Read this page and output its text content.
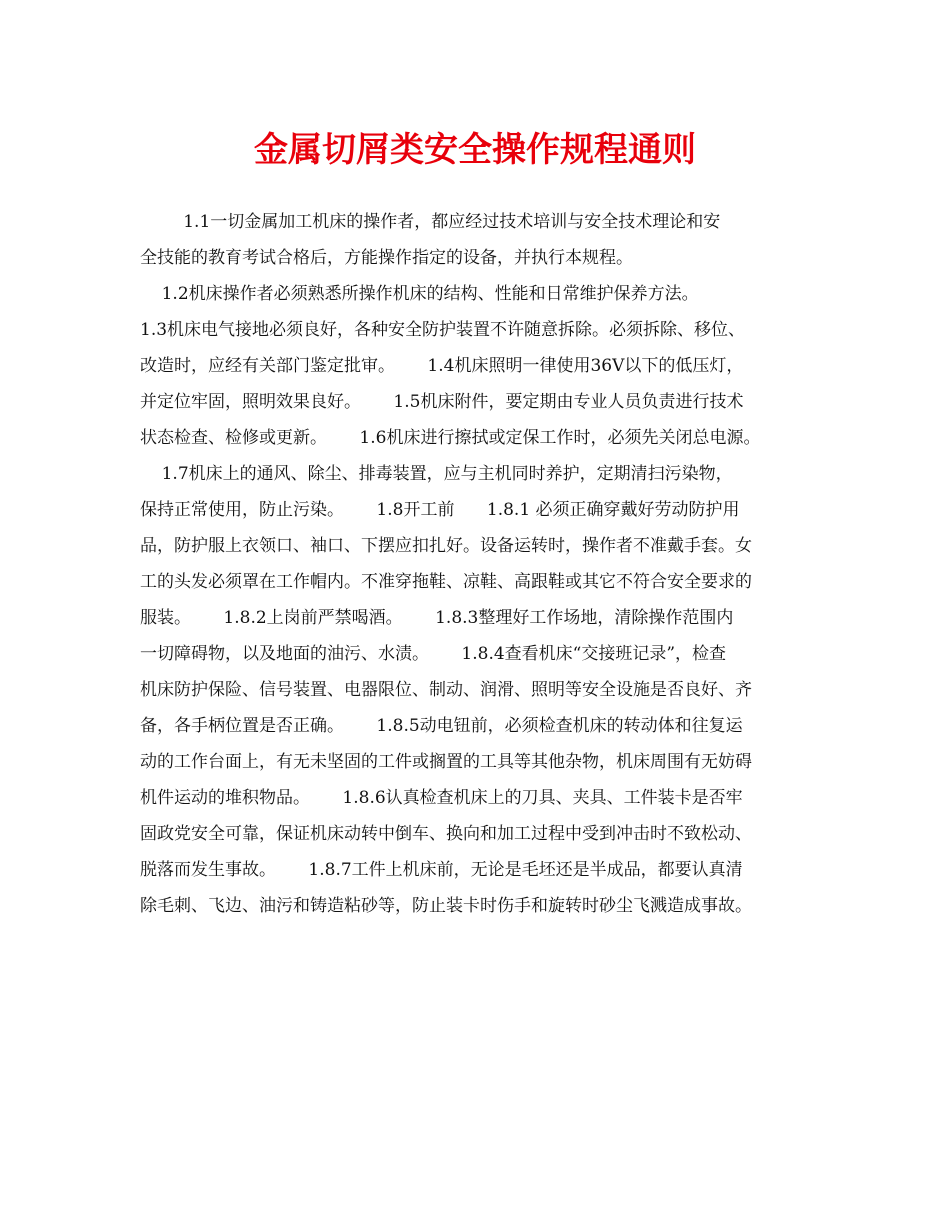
金属切屑类安全操作规程通则
1.1一切金属加工机床的操作者，都应经过技术培训与安全技术理论和安
全技能的教育考试合格后，方能操作指定的设备，并执行本规程。
1.2机床操作者必须熟悉所操作机床的结构、性能和日常维护保养方法。
1.3机床电气接地必须良好，各种安全防护装置不许随意拆除。必须拆除、移位、
改造时，应经有关部门鉴定批审。      1.4机床照明一律使用36V以下的低压灯，
并定位牢固，照明效果良好。      1.5机床附件，要定期由专业人员负责进行技术
状态检查、检修或更新。      1.6机床进行擦拭或定保工作时，必须先关闭总电源。
1.7机床上的通风、除尘、排毒装置，应与主机同时养护，定期清扫污染物，
保持正常使用，防止污染。      1.8开工前      1.8.1 必须正确穿戴好劳动防护用
品，防护服上衣领口、袖口、下摆应扣扎好。设备运转时，操作者不准戴手套。女
工的头发必须罩在工作帽内。不准穿拖鞋、凉鞋、高跟鞋或其它不符合安全要求的
服装。      1.8.2上岗前严禁喝酒。      1.8.3整理好工作场地，清除操作范围内
一切障碍物，以及地面的油污、水渍。      1.8.4查看机床“交接班记录”，检查
机床防护保险、信号装置、电器限位、制动、润滑、照明等安全设施是否良好、齐
备，各手柄位置是否正确。      1.8.5动电钮前，必须检查机床的转动体和往复运
动的工作台面上，有无未坚固的工件或搁置的工具等其他杂物，机床周围有无妨碍
机件运动的堆积物品。      1.8.6认真检查机床上的刀具、夹具、工件装卡是否牢
固政党安全可靠，保证机床动转中倒车、换向和加工过程中受到冲击时不致松动、
脱落而发生事故。      1.8.7工件上机床前，无论是毛坯还是半成品，都要认真清
除毛刺、飞边、油污和铸造粘砂等，防止装卡时伤手和旋转时砂尘飞溅造成事故。
